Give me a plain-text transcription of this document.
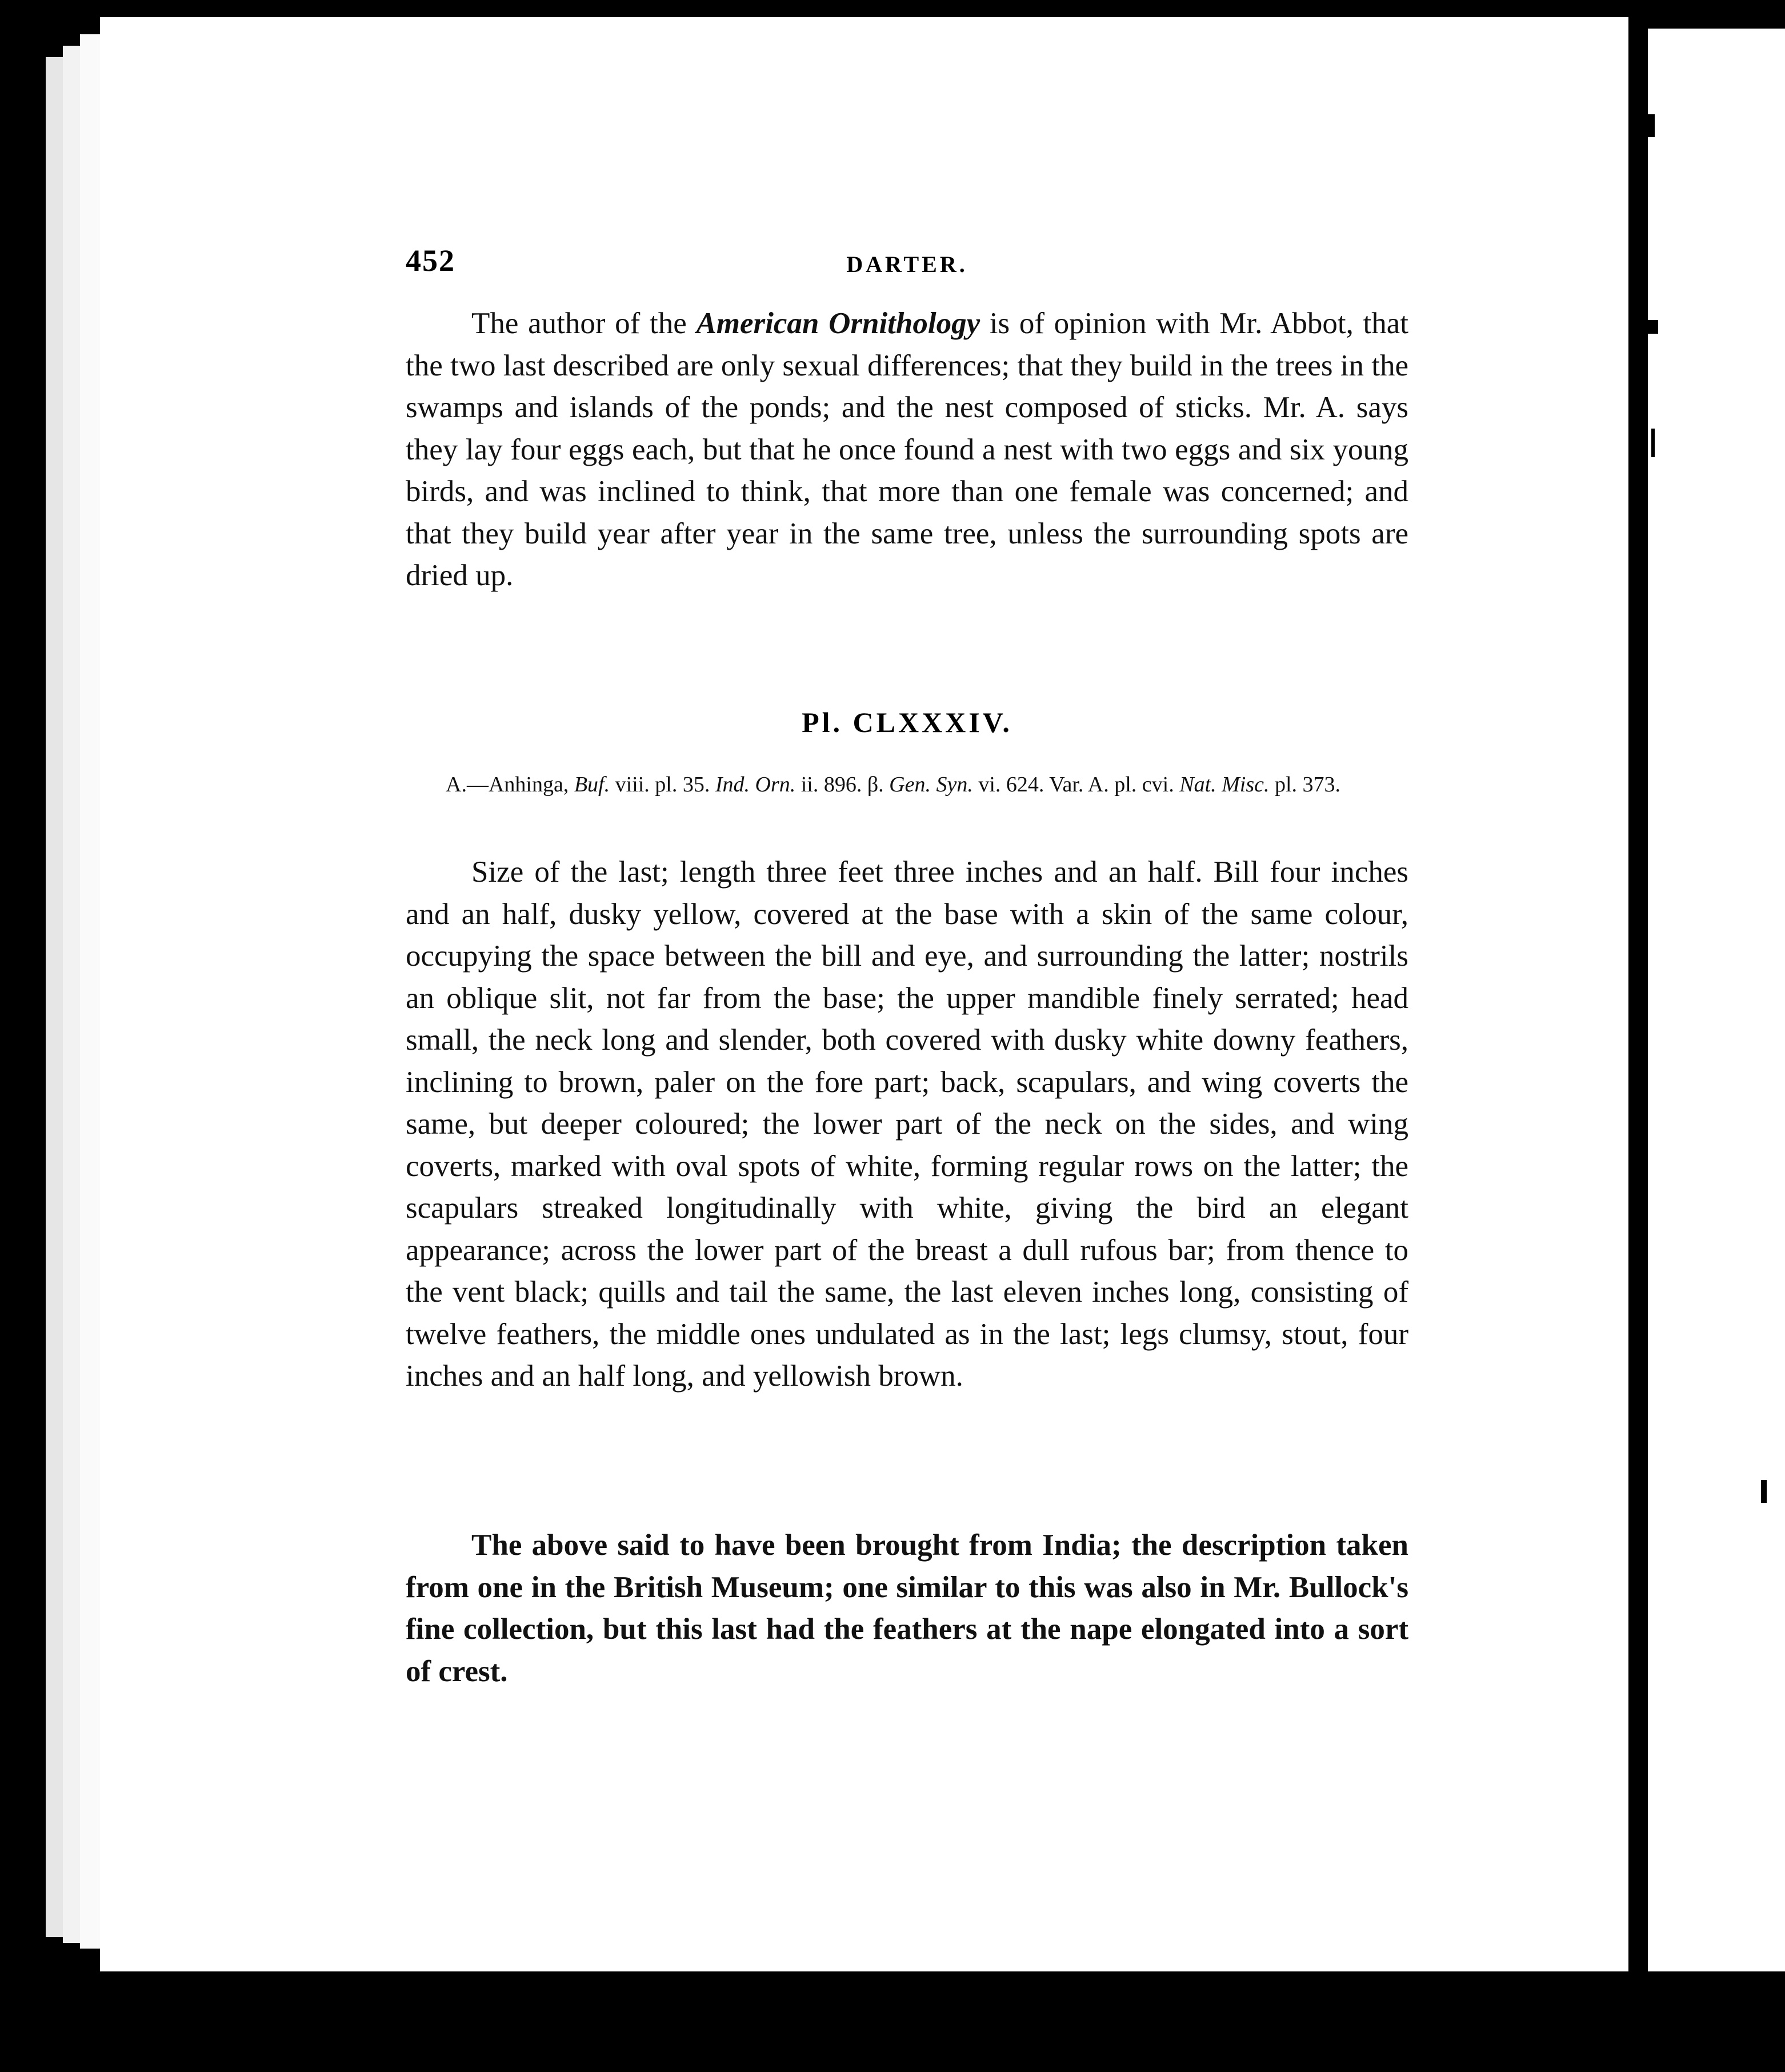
452	DARTER.

The author of the American Ornithology is of opinion with Mr. Abbot, that the two last described are only sexual differences; that they build in the trees in the swamps and islands of the ponds; and the nest composed of sticks. Mr. A. says they lay four eggs each, but that he once found a nest with two eggs and six young birds, and was inclined to think, that more than one female was concerned; and that they build year after year in the same tree, unless the surrounding spots are dried up.

Pl. CLXXXIV.
A.—Anhinga, Buf. viii. pl. 35. Ind. Orn. ii. 896. β. Gen. Syn. vi. 624. Var. A. pl. cvi. Nat. Misc. pl. 373.

Size of the last; length three feet three inches and an half. Bill four inches and an half, dusky yellow, covered at the base with a skin of the same colour, occupying the space between the bill and eye, and surrounding the latter; nostrils an oblique slit, not far from the base; the upper mandible finely serrated; head small, the neck long and slender, both covered with dusky white downy feathers, inclining to brown, paler on the fore part; back, scapulars, and wing coverts the same, but deeper coloured; the lower part of the neck on the sides, and wing coverts, marked with oval spots of white, forming regular rows on the latter; the scapulars streaked longitudinally with white, giving the bird an elegant appearance; across the lower part of the breast a dull rufous bar; from thence to the vent black; quills and tail the same, the last eleven inches long, consisting of twelve feathers, the middle ones undulated as in the last; legs clumsy, stout, four inches and an half long, and yellowish brown.

The above said to have been brought from India; the description taken from one in the British Museum; one similar to this was also in Mr. Bullock's fine collection, but this last had the feathers at the nape elongated into a sort of crest.
